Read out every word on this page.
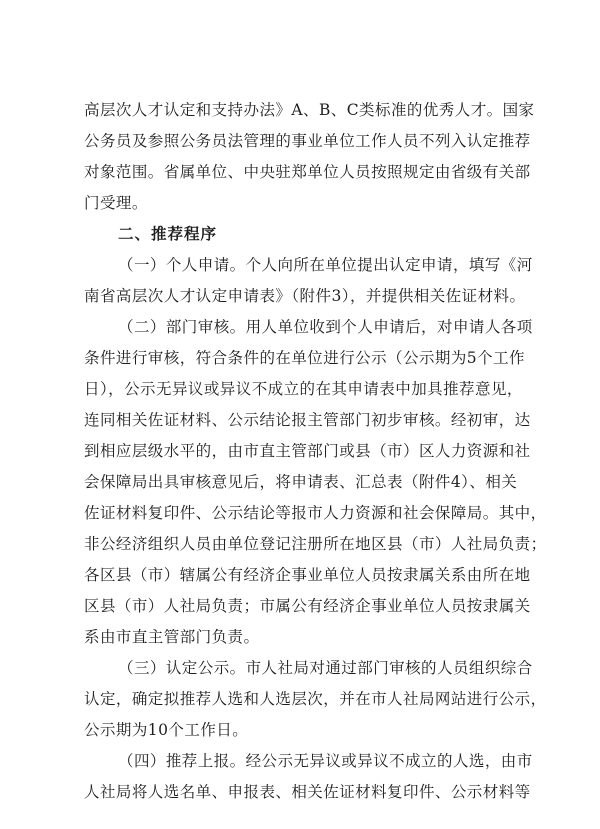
高层次人才认定和支持办法》A、B、C类标准的优秀人才。国家
公务员及参照公务员法管理的事业单位工作人员不列入认定推荐
对象范围。省属单位、中央驻郑单位人员按照规定由省级有关部
门受理。
二、推荐程序
（一）个人申请。个人向所在单位提出认定申请，填写《河
南省高层次人才认定申请表》（附件3），并提供相关佐证材料。
（二）部门审核。用人单位收到个人申请后，对申请人各项
条件进行审核，符合条件的在单位进行公示（公示期为5个工作
日），公示无异议或异议不成立的在其申请表中加具推荐意见，
连同相关佐证材料、公示结论报主管部门初步审核。经初审，达
到相应层级水平的，由市直主管部门或县（市）区人力资源和社
会保障局出具审核意见后，将申请表、汇总表（附件4）、相关
佐证材料复印件、公示结论等报市人力资源和社会保障局。其中，
非公经济组织人员由单位登记注册所在地区县（市）人社局负责；
各区县（市）辖属公有经济企事业单位人员按隶属关系由所在地
区县（市）人社局负责；市属公有经济企事业单位人员按隶属关
系由市直主管部门负责。
（三）认定公示。市人社局对通过部门审核的人员组织综合
认定，确定拟推荐人选和人选层次，并在市人社局网站进行公示，
公示期为10个工作日。
（四）推荐上报。经公示无异议或异议不成立的人选，由市
人社局将人选名单、申报表、相关佐证材料复印件、公示材料等
